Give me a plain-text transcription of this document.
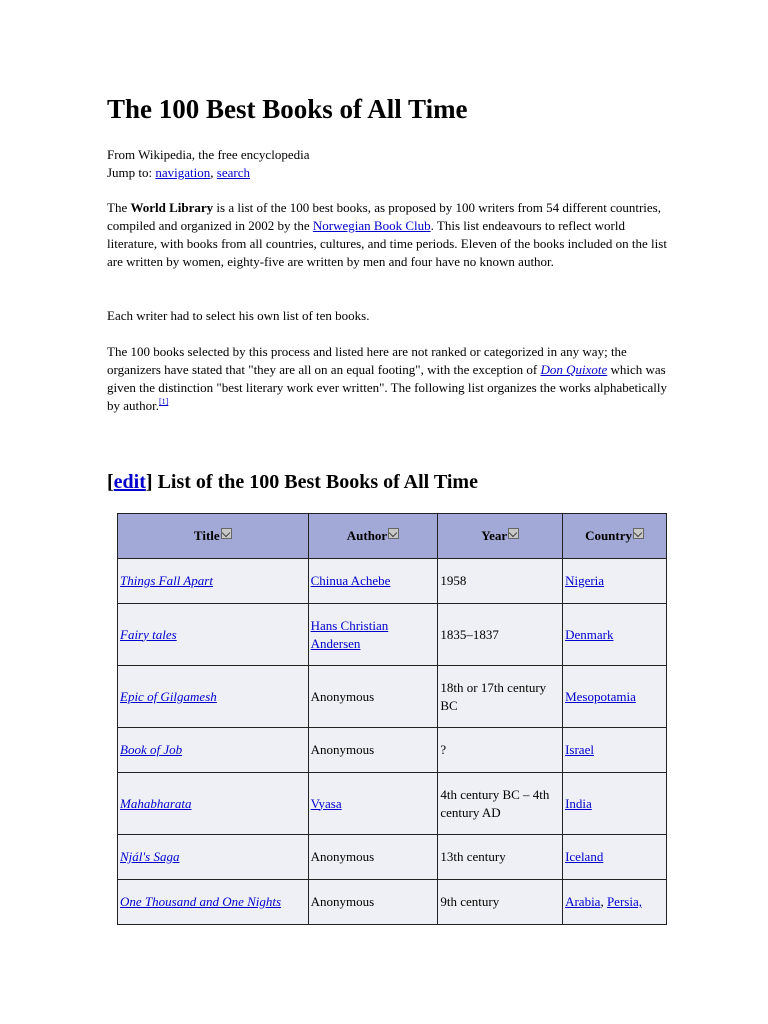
The 100 Best Books of All Time
From Wikipedia, the free encyclopedia
Jump to: navigation, search
The World Library is a list of the 100 best books, as proposed by 100 writers from 54 different countries, compiled and organized in 2002 by the Norwegian Book Club. This list endeavours to reflect world literature, with books from all countries, cultures, and time periods. Eleven of the books included on the list are written by women, eighty-five are written by men and four have no known author.
Each writer had to select his own list of ten books.
The 100 books selected by this process and listed here are not ranked or categorized in any way; the organizers have stated that "they are all on an equal footing", with the exception of Don Quixote which was given the distinction "best literary work ever written". The following list organizes the works alphabetically by author.[1]
[edit] List of the 100 Best Books of All Time
Title	Author	Year	Country
Things Fall Apart	Chinua Achebe	1958	Nigeria
Fairy tales	Hans Christian Andersen	1835–1837	Denmark
Epic of Gilgamesh	Anonymous	18th or 17th century BC	Mesopotamia
Book of Job	Anonymous	?	Israel
Mahabharata	Vyasa	4th century BC – 4th century AD	India
Njál's Saga	Anonymous	13th century	Iceland
One Thousand and One Nights	Anonymous	9th century	Arabia, Persia,
